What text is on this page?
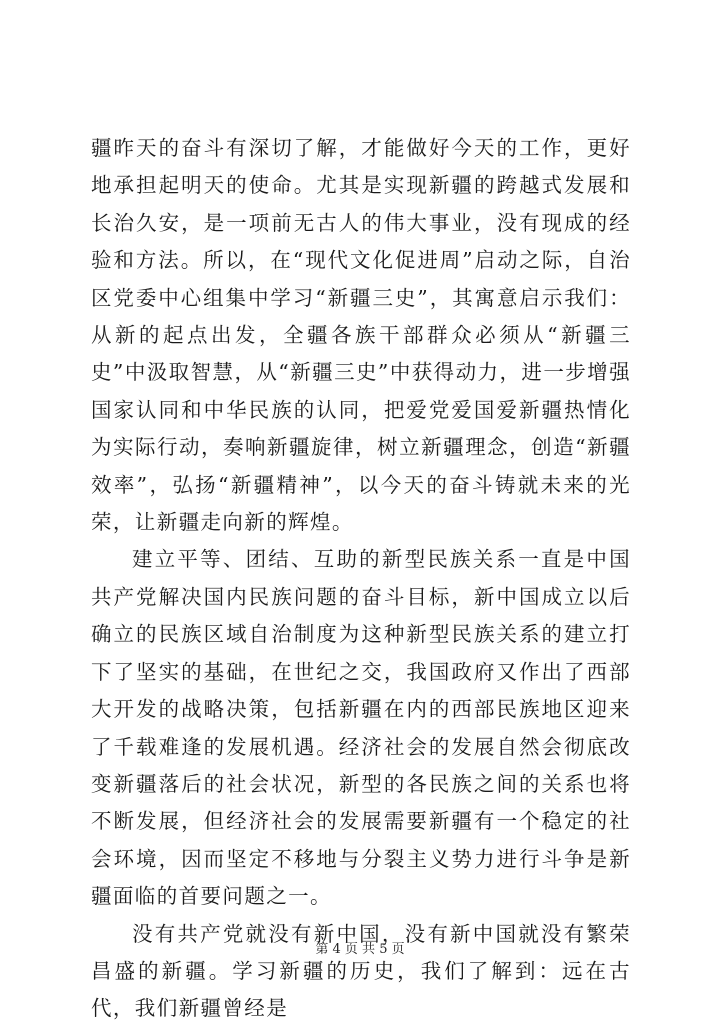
疆昨天的奋斗有深切了解，才能做好今天的工作，更好地承担起明天的使命。尤其是实现新疆的跨越式发展和长治久安，是一项前无古人的伟大事业，没有现成的经验和方法。所以，在“现代文化促进周”启动之际，自治区党委中心组集中学习“新疆三史”，其寓意启示我们：从新的起点出发，全疆各族干部群众必须从“新疆三史”中汲取智慧，从“新疆三史”中获得动力，进一步增强国家认同和中华民族的认同，把爱党爱国爱新疆热情化为实际行动，奏响新疆旋律，树立新疆理念，创造“新疆效率”，弘扬“新疆精神”，以今天的奋斗铸就未来的光荣，让新疆走向新的辉煌。

建立平等、团结、互助的新型民族关系一直是中国共产党解决国内民族问题的奋斗目标，新中国成立以后确立的民族区域自治制度为这种新型民族关系的建立打下了坚实的基础，在世纪之交，我国政府又作出了西部大开发的战略决策，包括新疆在内的西部民族地区迎来了千载难逢的发展机遇。经济社会的发展自然会彻底改变新疆落后的社会状况，新型的各民族之间的关系也将不断发展，但经济社会的发展需要新疆有一个稳定的社会环境，因而坚定不移地与分裂主义势力进行斗争是新疆面临的首要问题之一。

没有共产党就没有新中国，没有新中国就没有繁荣昌盛的新疆。学习新疆的历史，我们了解到：远在古代，我们新疆曾经是

第 4 页 共 5 页
